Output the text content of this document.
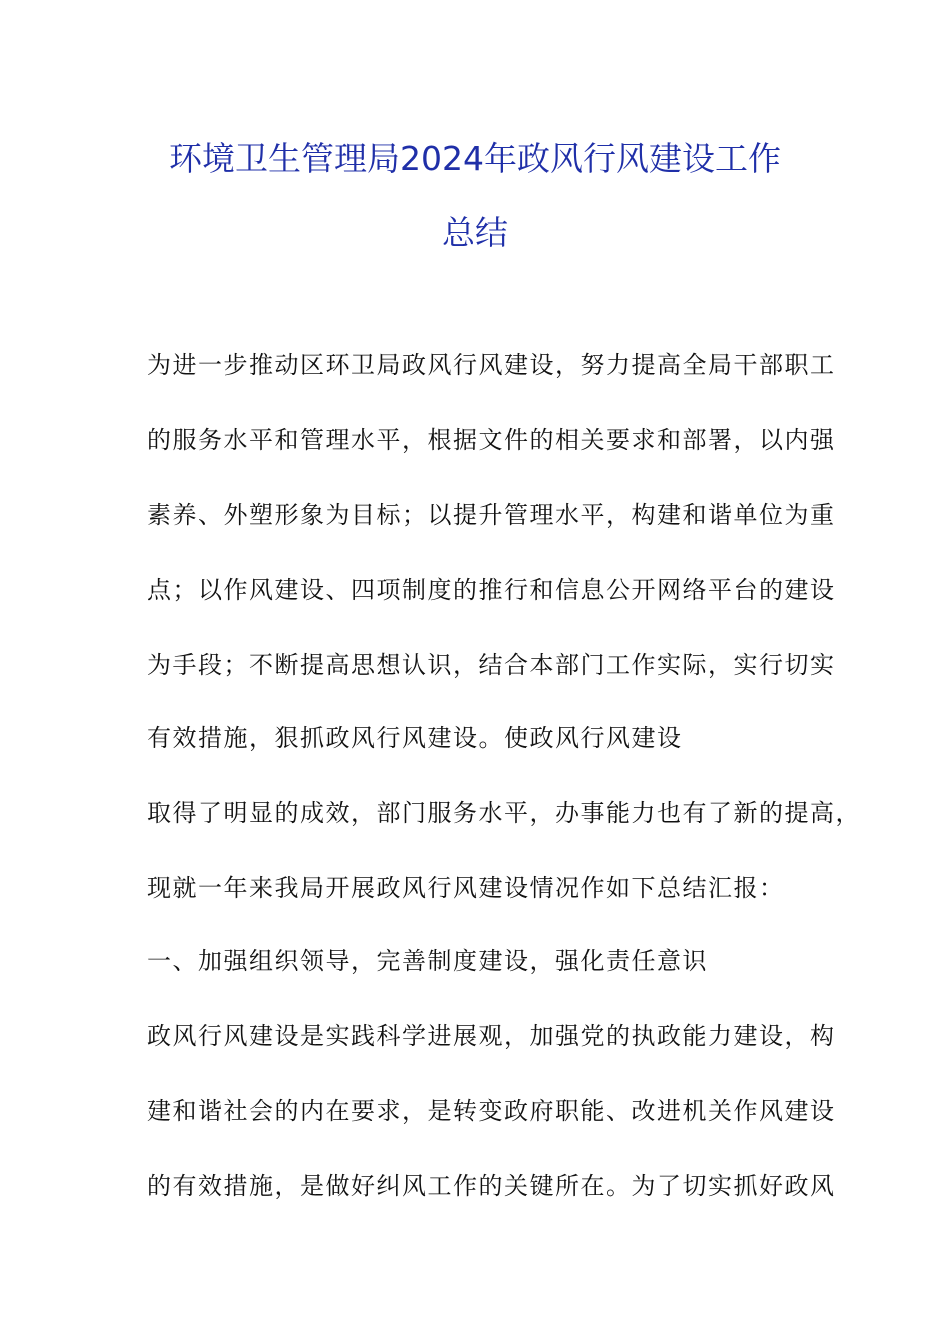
环境卫生管理局2024年政风行风建设工作
总结
为进一步推动区环卫局政风行风建设，努力提高全局干部职工
的服务水平和管理水平，根据文件的相关要求和部署，以内强
素养、外塑形象为目标；以提升管理水平，构建和谐单位为重
点；以作风建设、四项制度的推行和信息公开网络平台的建设
为手段；不断提高思想认识，结合本部门工作实际，实行切实
有效措施，狠抓政风行风建设。使政风行风建设
取得了明显的成效，部门服务水平，办事能力也有了新的提高，
现就一年来我局开展政风行风建设情况作如下总结汇报：
一、加强组织领导，完善制度建设，强化责任意识
政风行风建设是实践科学进展观，加强党的执政能力建设，构
建和谐社会的内在要求，是转变政府职能、改进机关作风建设
的有效措施，是做好纠风工作的关键所在。为了切实抓好政风
